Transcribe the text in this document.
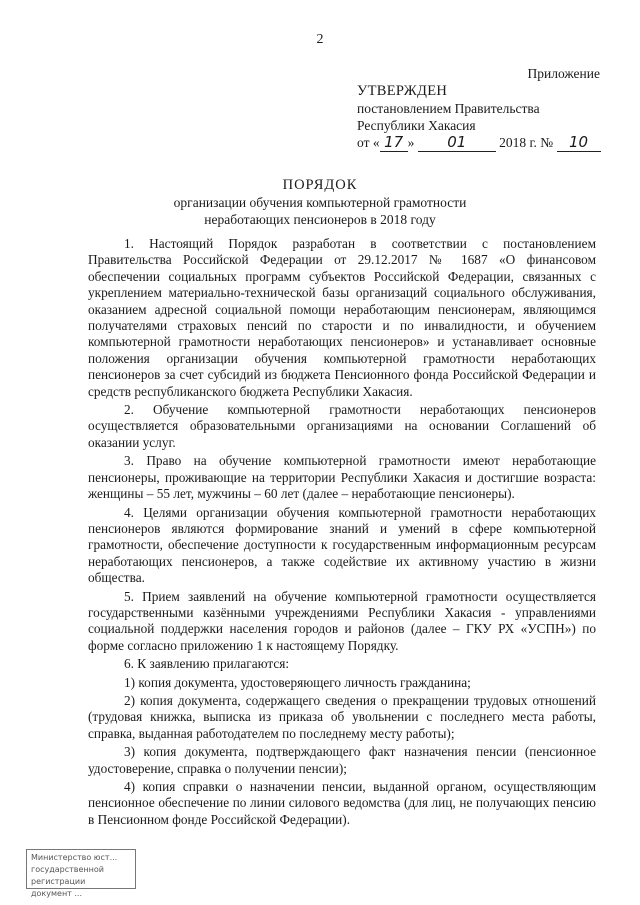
2
Приложение
УТВЕРЖДЕН
постановлением Правительства
Республики Хакасия
от « 17 » 01 2018 г. № 10
ПОРЯДОК
организации обучения компьютерной грамотности
неработающих пенсионеров в 2018 году

1. Настоящий Порядок разработан в соответствии с постановлением Правительства Российской Федерации от 29.12.2017 № 1687 «О финансовом обеспечении социальных программ субъектов Российской Федерации, связанных с укреплением материально-технической базы организаций социального обслуживания, оказанием адресной социальной помощи неработающим пенсионерам, являющимся получателями страховых пенсий по старости и по инвалидности, и обучением компьютерной грамотности неработающих пенсионеров» и устанавливает основные положения организации обучения компьютерной грамотности неработающих пенсионеров за счет субсидий из бюджета Пенсионного фонда Российской Федерации и средств республиканского бюджета Республики Хакасия.

2. Обучение компьютерной грамотности неработающих пенсионеров осуществляется образовательными организациями на основании Соглашений об оказании услуг.

3. Право на обучение компьютерной грамотности имеют неработающие пенсионеры, проживающие на территории Республики Хакасия и достигшие возраста: женщины – 55 лет, мужчины – 60 лет (далее – неработающие пенсионеры).

4. Целями организации обучения компьютерной грамотности неработающих пенсионеров являются формирование знаний и умений в сфере компьютерной грамотности, обеспечение доступности к государственным информационным ресурсам неработающих пенсионеров, а также содействие их активному участию в жизни общества.

5. Прием заявлений на обучение компьютерной грамотности осуществляется государственными казёнными учреждениями Республики Хакасия - управлениями социальной поддержки населения городов и районов (далее – ГКУ РХ «УСПН») по форме согласно приложению 1 к настоящему Порядку.

6. К заявлению прилагаются:

1) копия документа, удостоверяющего личность гражданина;

2) копия документа, содержащего сведения о прекращении трудовых отношений (трудовая книжка, выписка из приказа об увольнении с последнего места работы, справка, выданная работодателем по последнему месту работы);

3) копия документа, подтверждающего факт назначения пенсии (пенсионное удостоверение, справка о получении пенсии);

4) копия справки о назначении пенсии, выданной органом, осуществляющим пенсионное обеспечение по линии силового ведомства (для лиц, не получающих пенсию в Пенсионном фонде Российской Федерации).

Министерство юст...
государственной регистрации
документ ...
